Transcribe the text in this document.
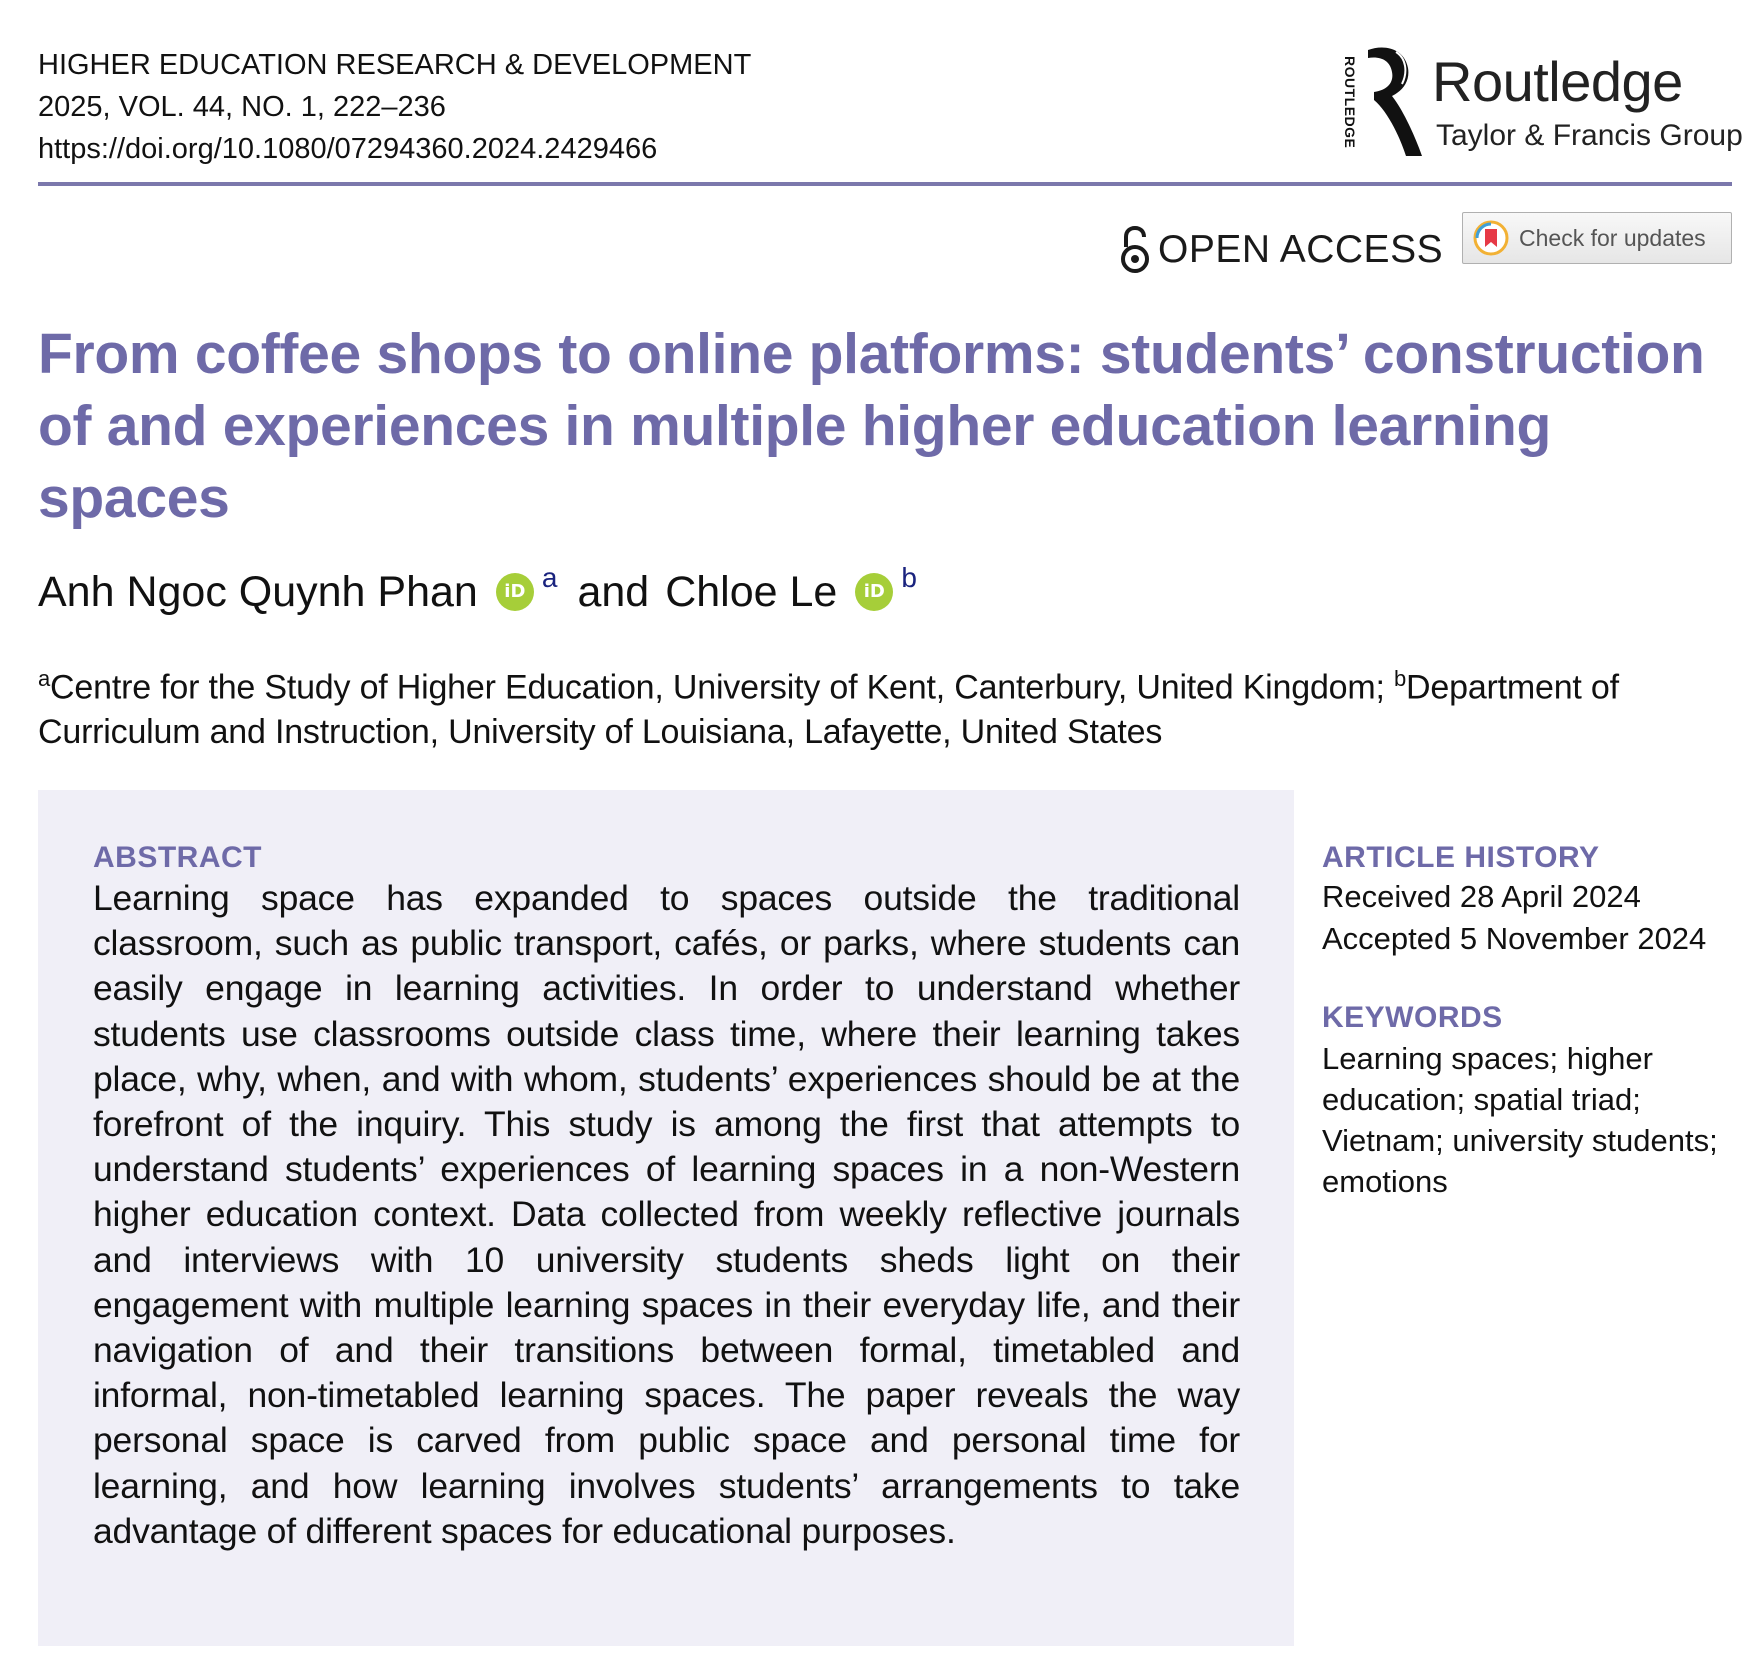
HIGHER EDUCATION RESEARCH & DEVELOPMENT
2025, VOL. 44, NO. 1, 222–236
https://doi.org/10.1080/07294360.2024.2429466
ROUTLEDGE Routledge
Taylor & Francis Group
OPEN ACCESS	Check for updates
From coffee shops to online platforms: students’ construction of and experiences in multiple higher education learning spaces
Anh Ngoc Quynh Phan	iD a and Chloe Le	iD b
$^a$Centre for the Study of Higher Education, University of Kent, Canterbury, United Kingdom; $^b$Department of Curriculum and Instruction, University of Louisiana, Lafayette, United States
ABSTRACT

Learning space has expanded to spaces outside the traditional classroom, such as public transport, cafés, or parks, where students can easily engage in learning activities. In order to understand whether students use classrooms outside class time, where their learning takes place, why, when, and with whom, students’ experiences should be at the forefront of the inquiry. This study is among the first that attempts to understand students’ experiences of learning spaces in a non-Western higher education context. Data collected from weekly reflective journals and interviews with 10 university students sheds light on their engagement with multiple learning spaces in their everyday life, and their navigation of and their transitions between formal, timetabled and informal, non-timetabled learning spaces. The paper reveals the way personal space is carved from public space and personal time for learning, and how learning involves students’ arrangements to take advantage of different spaces for educational purposes.

ARTICLE HISTORY
Received 28 April 2024
Accepted 5 November 2024
KEYWORDS
Learning spaces; higher education; spatial triad; Vietnam; university students; emotions
